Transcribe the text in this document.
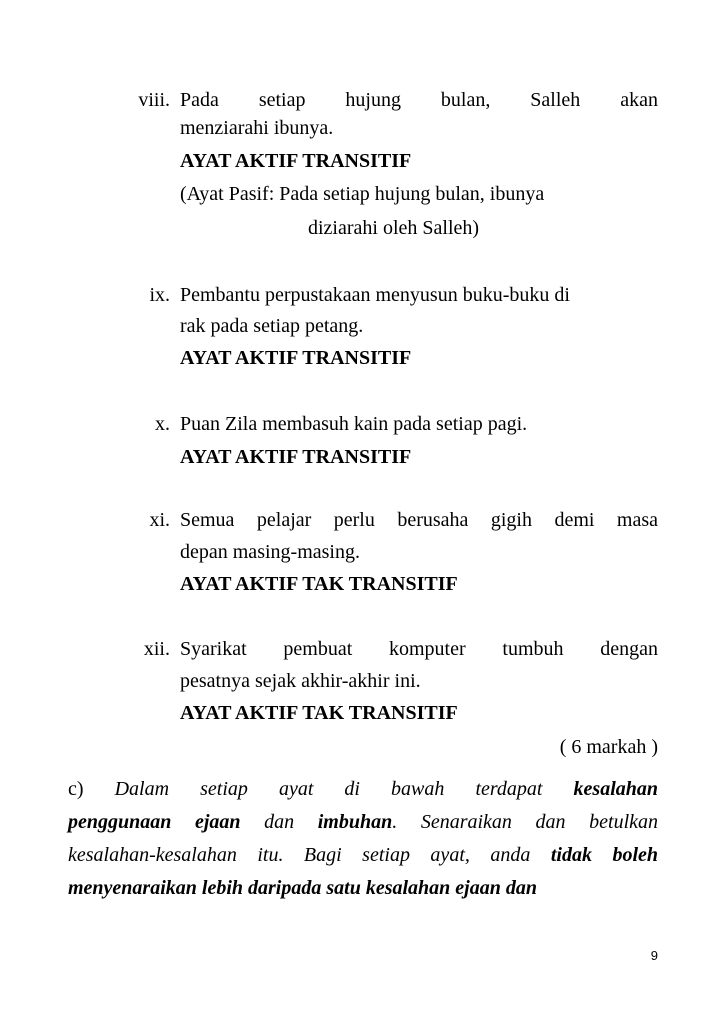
viii. Pada setiap hujung bulan, Salleh akan
menziarahi ibunya.
AYAT AKTIF TRANSITIF
(Ayat Pasif: Pada setiap hujung bulan, ibunya
diziarahi oleh Salleh)
ix. Pembantu perpustakaan menyusun buku-buku di
rak pada setiap petang.
AYAT AKTIF TRANSITIF
x. Puan Zila membasuh kain pada setiap pagi.
AYAT AKTIF TRANSITIF
xi. Semua pelajar perlu berusaha gigih demi masa
depan masing-masing.
AYAT AKTIF TAK TRANSITIF
xii. Syarikat pembuat komputer tumbuh dengan
pesatnya sejak akhir-akhir ini.
AYAT AKTIF TAK TRANSITIF
( 6 markah )
c) Dalam setiap ayat di bawah terdapat kesalahan
penggunaan ejaan dan imbuhan. Senaraikan dan betulkan
kesalahan-kesalahan itu. Bagi setiap ayat, anda tidak boleh
menyenaraikan lebih daripada satu kesalahan ejaan dan
9
